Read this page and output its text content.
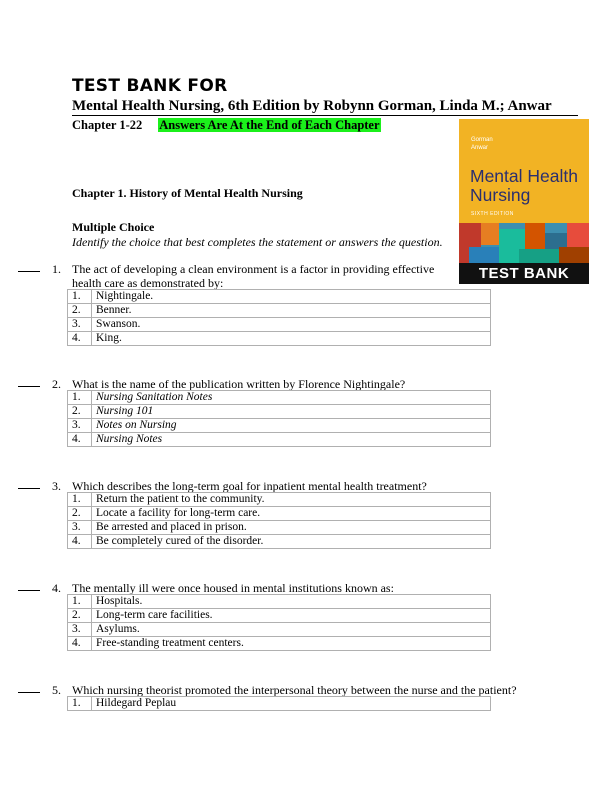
TEST BANK FOR
Mental Health Nursing, 6th Edition by Robynn Gorman, Linda M.; Anwar
Chapter 1-22 Answers Are At the End of Each Chapter
Gorman
Anwar
Mental Health
Nursing
SIXTH EDITION
TEST BANK
Chapter 1. History of Mental Health Nursing
Multiple Choice
Identify the choice that best completes the statement or answers the question.
1. The act of developing a clean environment is a factor in providing effective health care as demonstrated by:
1.	Nightingale.
2.	Benner.
3.	Swanson.
4.	King.
2. What is the name of the publication written by Florence Nightingale?
1.	Nursing Sanitation Notes
2.	Nursing 101
3.	Notes on Nursing
4.	Nursing Notes
3. Which describes the long-term goal for inpatient mental health treatment?
1.	Return the patient to the community.
2.	Locate a facility for long-term care.
3.	Be arrested and placed in prison.
4.	Be completely cured of the disorder.
4. The mentally ill were once housed in mental institutions known as:
1.	Hospitals.
2.	Long-term care facilities.
3.	Asylums.
4.	Free-standing treatment centers.
5. Which nursing theorist promoted the interpersonal theory between the nurse and the patient?
1.	Hildegard Peplau
